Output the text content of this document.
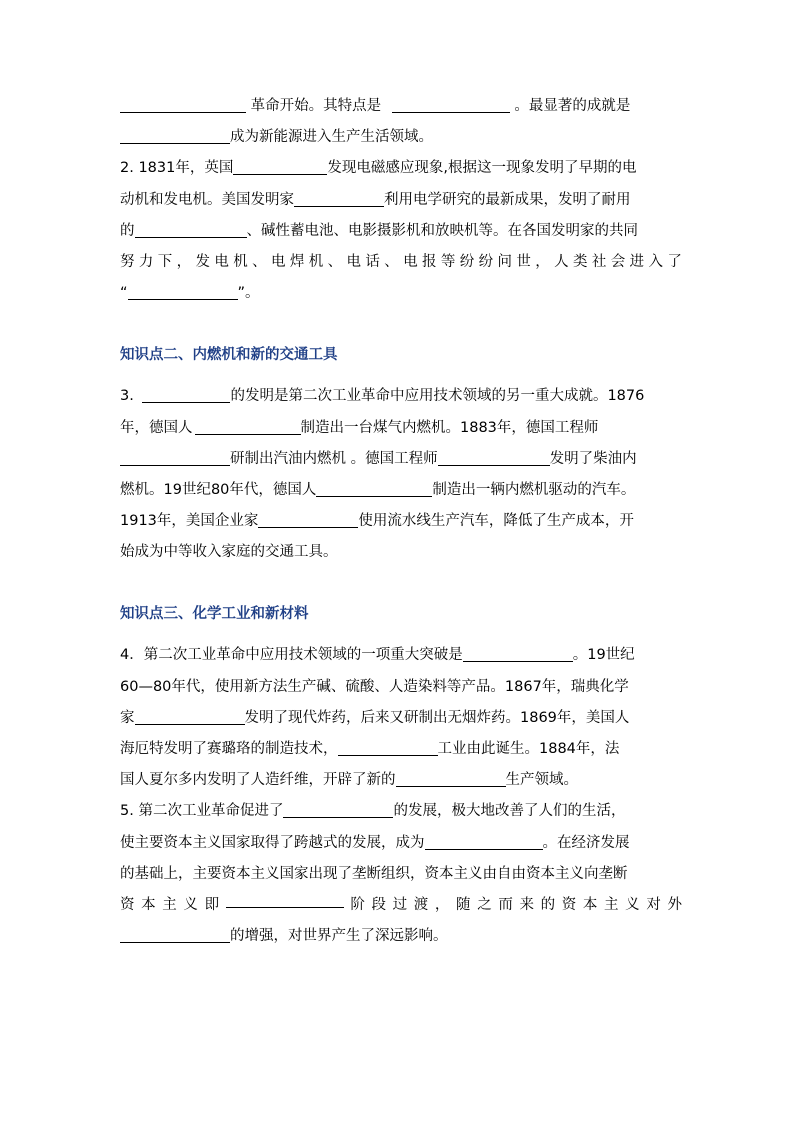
革命开始。其特点是	。最显著的成就是
成为新能源进入生产生活领域。
2. 1831年，英国	发现电磁感应现象,根据这一现象发明了早期的电
动机和发电机。美国发明家	利用电学研究的最新成果，发明了耐用
的	、碱性蓄电池、电影摄影机和放映机等。在各国发明家的共同
努 力 下 ， 发 电 机 、 电 焊 机 、 电 话 、 电 报 等 纷 纷 问 世 ， 人 类 社 会 进 入 了
“	”。
知识点二、内燃机和新的交通工具
3.	的发明是第二次工业革命中应用技术领域的另一重大成就。1876
年，德国人	制造出一台煤气内燃机。1883年，德国工程师
研制出汽油内燃机 。德国工程师	发明了柴油内
燃机。19世纪80年代，德国人	制造出一辆内燃机驱动的汽车。
1913年，美国企业家	使用流水线生产汽车，降低了生产成本，开
始成为中等收入家庭的交通工具。
知识点三、化学工业和新材料
4．第二次工业革命中应用技术领域的一项重大突破是	。19世纪
60—80年代，使用新方法生产碱、硫酸、人造染料等产品。1867年，瑞典化学
家	发明了现代炸药，后来又研制出无烟炸药。1869年，美国人
海厄特发明了赛璐珞的制造技术，	工业由此诞生。1884年，法
国人夏尔多内发明了人造纤维，开辟了新的	生产领域。
5. 第二次工业革命促进了	的发展，极大地改善了人们的生活，
使主要资本主义国家取得了跨越式的发展，成为	。在经济发展
的基础上，主要资本主义国家出现了垄断组织，资本主义由自由资本主义向垄断
资 本 主 义 即	阶 段 过 渡 ， 随 之 而 来 的 资 本 主 义 对 外
的增强，对世界产生了深远影响。
